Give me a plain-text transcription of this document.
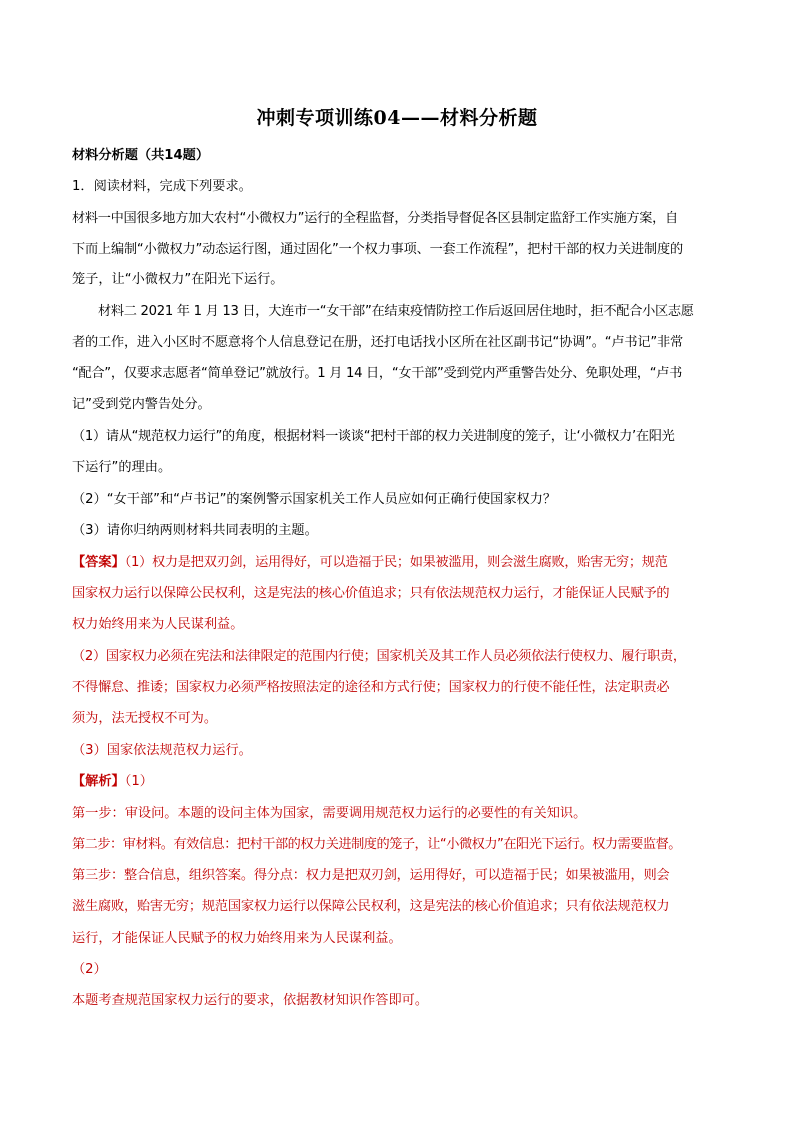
冲刺专项训练04——材料分析题
材料分析题（共14题）
1．阅读材料，完成下列要求。
材料一中国很多地方加大农村“小微权力”运行的全程监督，分类指导督促各区县制定监舒工作实施方案，自
下而上编制“小微权力”动态运行图，通过固化”一个权力事项、一套工作流程”，把村干部的权力关进制度的
笼子，让“小微权力”在阳光下运行。
材料二 2021 年 1 月 13 日，大连市一“女干部”在结束疫情防控工作后返回居住地时，拒不配合小区志愿
者的工作，进入小区时不愿意将个人信息登记在册，还打电话找小区所在社区副书记“协调”。“卢书记”非常
“配合”，仅要求志愿者“简单登记”就放行。1 月 14 日，“女干部”受到党内严重警告处分、免职处理，“卢书
记”受到党内警告处分。
（1）请从“规范权力运行”的角度，根据材料一谈谈“把村干部的权力关进制度的笼子，让‘小微权力’在阳光
下运行”的理由。
（2）“女干部”和“卢书记”的案例警示国家机关工作人员应如何正确行使国家权力？
（3）请你归纳两则材料共同表明的主题。
【答案】（1）权力是把双刃剑，运用得好，可以造福于民；如果被滥用，则会滋生腐败，贻害无穷；规范
国家权力运行以保障公民权利，这是宪法的核心价值追求；只有依法规范权力运行，才能保证人民赋予的
权力始终用来为人民谋利益。
（2）国家权力必须在宪法和法律限定的范围内行使；国家机关及其工作人员必须依法行使权力、履行职责，
不得懈怠、推诿；国家权力必须严格按照法定的途径和方式行使；国家权力的行使不能任性，法定职责必
须为，法无授权不可为。
（3）国家依法规范权力运行。
【解析】（1）
第一步：审设问。本题的设问主体为国家，需要调用规范权力运行的必要性的有关知识。
第二步：审材料。有效信息：把村干部的权力关进制度的笼子，让“小微权力”在阳光下运行。权力需要监督。
第三步：整合信息，组织答案。得分点：权力是把双刃剑，运用得好，可以造福于民；如果被滥用，则会
滋生腐败，贻害无穷；规范国家权力运行以保障公民权利，这是宪法的核心价值追求；只有依法规范权力
运行，才能保证人民赋予的权力始终用来为人民谋利益。
（2）
本题考查规范国家权力运行的要求，依据教材知识作答即可。
